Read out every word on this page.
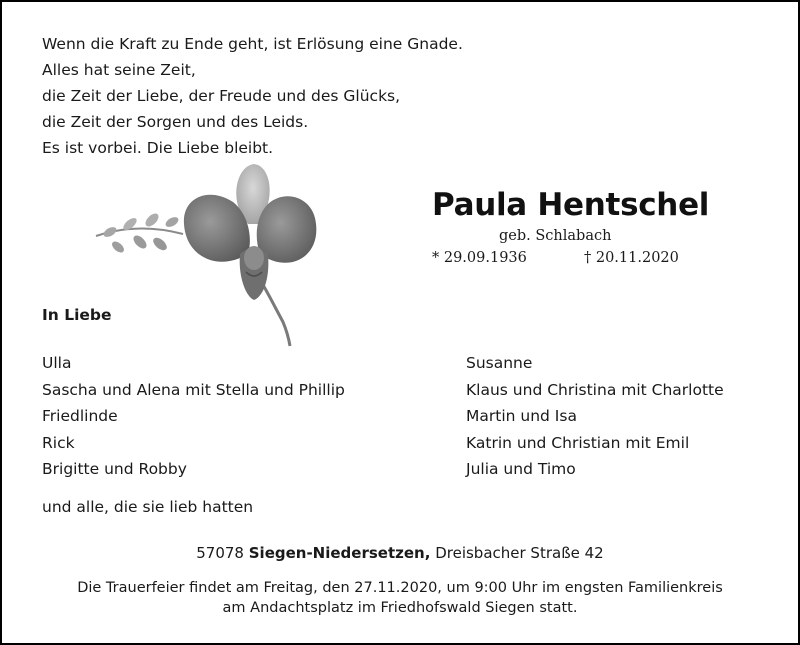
Wenn die Kraft zu Ende geht, ist Erlösung eine Gnade.
Alles hat seine Zeit,
die Zeit der Liebe, der Freude und des Glücks,
die Zeit der Sorgen und des Leids.
Es ist vorbei. Die Liebe bleibt.
Paula Hentschel
geb. Schlabach
* 29.09.1936	† 20.11.2020
In Liebe
Ulla
Sascha und Alena mit Stella und Phillip
Friedlinde
Rick
Brigitte und Robby
Susanne
Klaus und Christina mit Charlotte
Martin und Isa
Katrin und Christian mit Emil
Julia und Timo
und alle, die sie lieb hatten
57078 Siegen-Niedersetzen, Dreisbacher Straße 42
Die Trauerfeier findet am Freitag, den 27.11.2020, um 9:00 Uhr im engsten Familienkreis
am Andachtsplatz im Friedhofswald Siegen statt.
